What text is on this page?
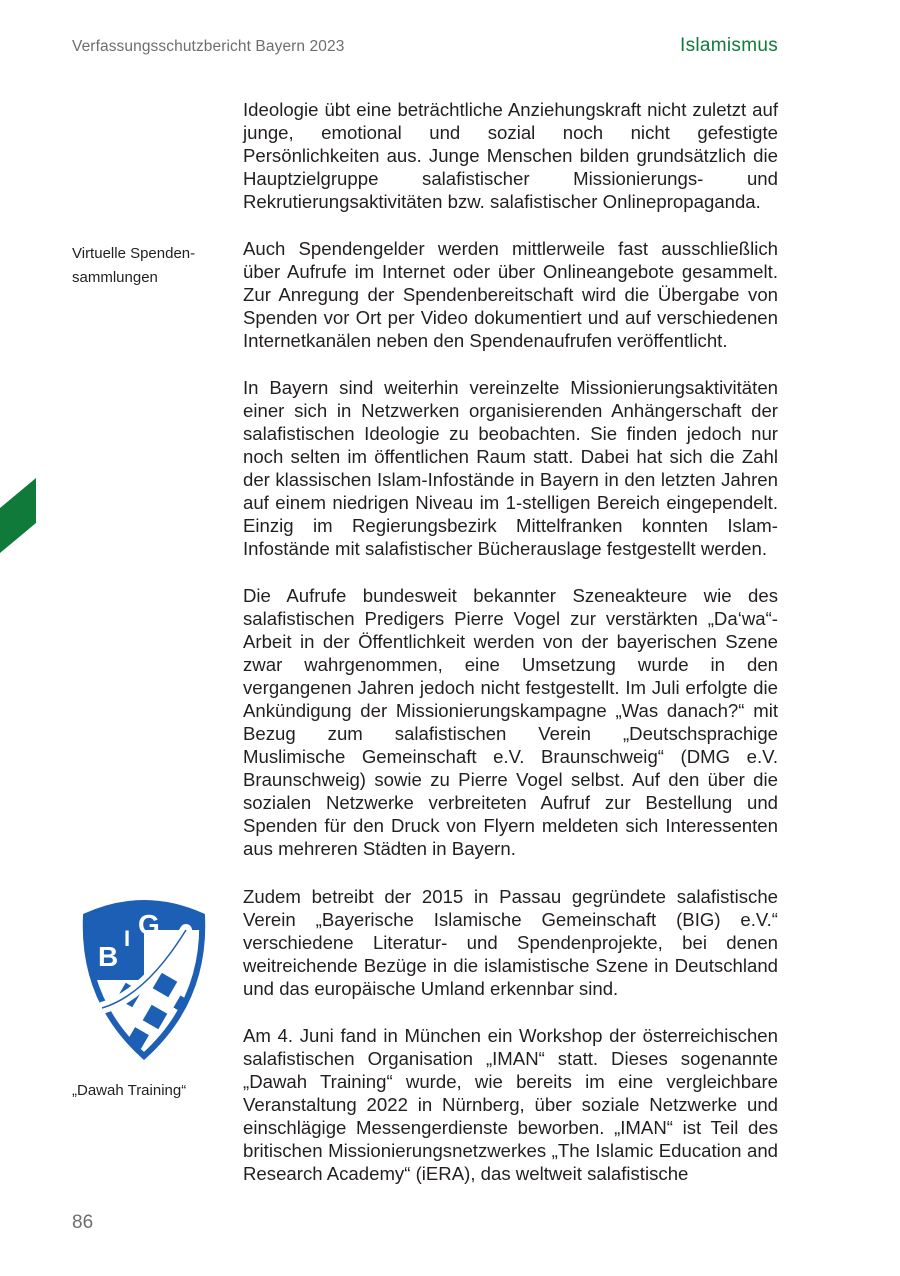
Verfassungsschutzbericht Bayern 2023	Islamismus
Virtuelle Spenden-sammlungen
B
I G
„Dawah Training“

Ideologie übt eine beträchtliche Anziehungskraft nicht zuletzt auf junge, emotional und sozial noch nicht gefestigte Persönlichkeiten aus. Junge Menschen bilden grundsätzlich die Hauptzielgruppe salafistischer Missionierungs- und Rekrutierungsaktivitäten bzw. salafistischer Onlinepropaganda.

Auch Spendengelder werden mittlerweile fast ausschließlich über Aufrufe im Internet oder über Onlineangebote gesammelt. Zur Anregung der Spendenbereitschaft wird die Übergabe von Spenden vor Ort per Video dokumentiert und auf verschiedenen Internetkanälen neben den Spendenaufrufen veröffentlicht.

In Bayern sind weiterhin vereinzelte Missionierungsaktivitäten einer sich in Netzwerken organisierenden Anhängerschaft der salafistischen Ideologie zu beobachten. Sie finden jedoch nur noch selten im öffentlichen Raum statt. Dabei hat sich die Zahl der klassischen Islam-Infostände in Bayern in den letzten Jahren auf einem niedrigen Niveau im 1-stelligen Bereich eingependelt. Einzig im Regierungsbezirk Mittelfranken konnten Islam-Infostände mit salafistischer Bücherauslage festgestellt werden.

Die Aufrufe bundesweit bekannter Szeneakteure wie des salafistischen Predigers Pierre Vogel zur verstärkten „Da‘wa“-Arbeit in der Öffentlichkeit werden von der bayerischen Szene zwar wahrgenommen, eine Umsetzung wurde in den vergangenen Jahren jedoch nicht festgestellt. Im Juli erfolgte die Ankündigung der Missionierungskampagne „Was danach?“ mit Bezug zum salafistischen Verein „Deutschsprachige Muslimische Gemeinschaft e.V. Braunschweig“ (DMG e.V. Braunschweig) sowie zu Pierre Vogel selbst. Auf den über die sozialen Netzwerke verbreiteten Aufruf zur Bestellung und Spenden für den Druck von Flyern meldeten sich Interessenten aus mehreren Städten in Bayern.

Zudem betreibt der 2015 in Passau gegründete salafistische Verein „Bayerische Islamische Gemeinschaft (BIG) e.V.“ verschiedene Literatur- und Spendenprojekte, bei denen weitreichende Bezüge in die islamistische Szene in Deutschland und das europäische Umland erkennbar sind.

Am 4. Juni fand in München ein Workshop der österreichischen salafistischen Organisation „IMAN“ statt. Dieses sogenannte „Dawah Training“ wurde, wie bereits im eine vergleichbare Veranstaltung 2022 in Nürnberg, über soziale Netzwerke und einschlägige Messengerdienste beworben. „IMAN“ ist Teil des britischen Missionierungsnetzwerkes „The Islamic Education and Research Academy“ (iERA), das weltweit salafistische

86
